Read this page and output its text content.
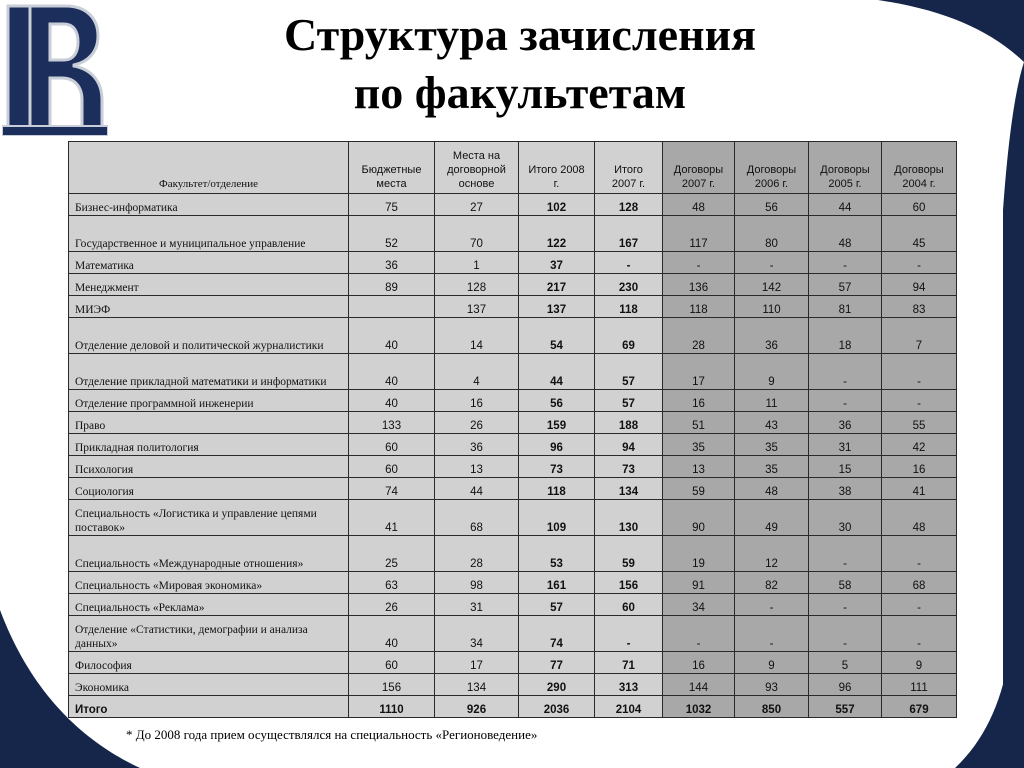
Структура зачисления
по факультетам
Факультет/отделение	Бюджетные места	Места на договорной основе	Итого 2008 г.	Итого 2007 г.	Договоры 2007 г.	Договоры 2006 г.	Договоры 2005 г.	Договоры 2004 г.
Бизнес-информатика	75	27	102	128	48	56	44	60
Государственное и муниципальное управление	52	70	122	167	117	80	48	45
Математика	36	1	37	-	-	-	-	-
Менеджмент	89	128	217	230	136	142	57	94
МИЭФ		137	137	118	118	110	81	83
Отделение деловой и политической журналистики	40	14	54	69	28	36	18	7
Отделение прикладной математики и информатики	40	4	44	57	17	9	-	-
Отделение программной инженерии	40	16	56	57	16	11	-	-
Право	133	26	159	188	51	43	36	55
Прикладная политология	60	36	96	94	35	35	31	42
Психология	60	13	73	73	13	35	15	16
Социология	74	44	118	134	59	48	38	41
Специальность «Логистика и управление цепями поставок»	41	68	109	130	90	49	30	48
Специальность «Международные отношения»	25	28	53	59	19	12	-	-
Специальность «Мировая экономика»	63	98	161	156	91	82	58	68
Специальность «Реклама»	26	31	57	60	34	-	-	-
Отделение «Статистики, демографии и анализа данных»	40	34	74	-	-	-	-	-
Философия	60	17	77	71	16	9	5	9
Экономика	156	134	290	313	144	93	96	111
Итого	1110	926	2036	2104	1032	850	557	679
* До 2008 года прием осуществлялся на специальность «Регионоведение»
